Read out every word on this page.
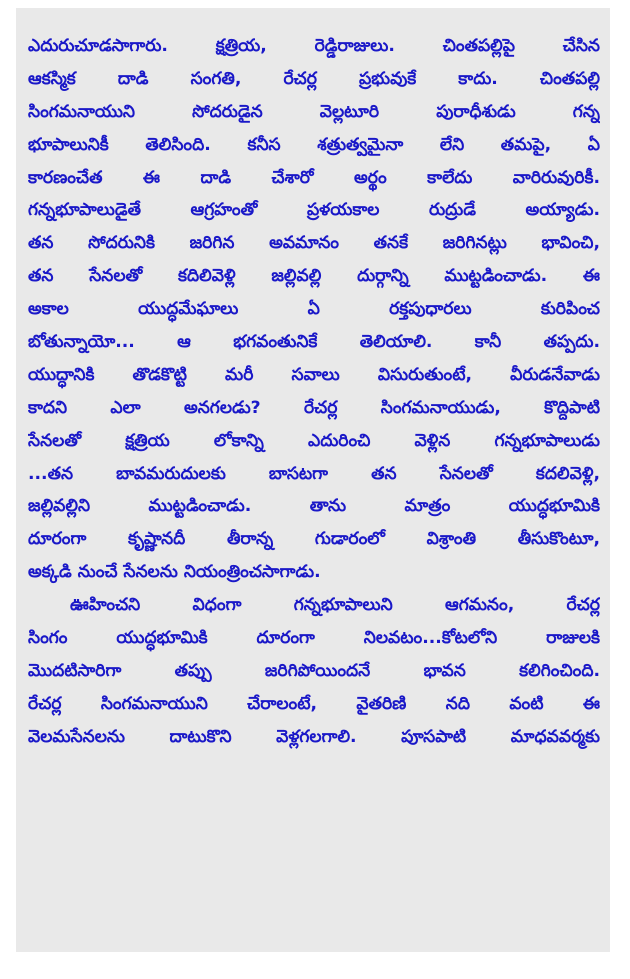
ఎదురుచూడసాగారు. క్షత్రియ, రెడ్డిరాజులు. చింతపల్లిపై చేసిన
ఆకస్మిక దాడి సంగతి, రేచర్ల ప్రభువుకే కాదు. చింతపల్లి
సింగమనాయుని సోదరుడైన వెల్లటూరి పురాధీశుడు గన్న
భూపాలునికీ తెలిసింది. కనీస శత్రుత్వమైనా లేని తమపై, ఏ
కారణంచేత ఈ దాడి చేశారో అర్థం కాలేదు వారిరువురికీ.
గన్నభూపాలుడైతే ఆగ్రహంతో ప్రళయకాల రుద్రుడే అయ్యాడు.
తన సోదరునికి జరిగిన అవమానం తనకే జరిగినట్లు భావించి,
తన సేనలతో కదిలివెళ్లి జల్లివల్లి దుర్గాన్ని ముట్టడించాడు. ఈ
అకాల యుద్ధమేఘాలు ఏ రక్తపుధారలు కురిపించ
బోతున్నాయో... ఆ భగవంతునికే తెలియాలి. కానీ తప్పదు.
యుద్ధానికి తొడకొట్టి మరీ సవాలు విసురుతుంటే, వీరుడనేవాడు
కాదని ఎలా అనగలడు? రేచర్ల సింగమనాయుడు, కొద్దిపాటి
సేనలతో క్షత్రియ లోకాన్ని ఎదురించి వెళ్లిన గన్నభూపాలుడు
...తన బావమరుదులకు బాసటగా తన సేనలతో కదలివెళ్లి,
జల్లివల్లిని ముట్టడించాడు. తాను మాత్రం యుద్ధభూమికి
దూరంగా కృష్ణానదీ తీరాన్న గుడారంలో విశ్రాంతి తీసుకొంటూ,
అక్కడి నుంచే సేనలను నియంత్రించసాగాడు.
ఊహించని విధంగా గన్నభూపాలుని ఆగమనం, రేచర్ల
సింగం యుద్ధభూమికి దూరంగా నిలవటం...కోటలోని రాజులకి
మొదటిసారిగా తప్పు జరిగిపోయిందనే భావన కలిగించింది.
రేచర్ల సింగమనాయుని చేరాలంటే, వైతరిణి నది వంటి ఈ
వెలమసేనలను దాటుకొని వెళ్లగలగాలి. పూసపాటి మాధవవర్మకు
